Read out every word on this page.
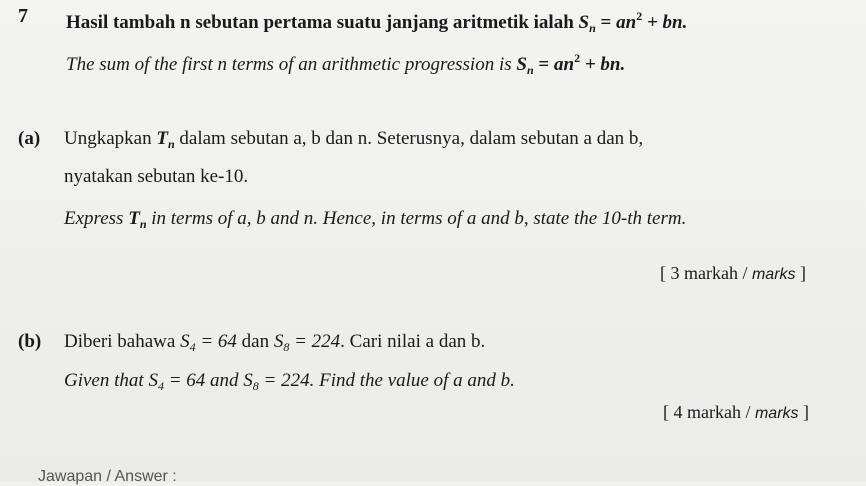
7 Hasil tambah n sebutan pertama suatu janjang aritmetik ialah $S_n = an^2$ + bn.
The sum of the first n terms of an arithmetic progression is $S_n = an^2$ + bn.
(a) Ungkapkan $T_n$ dalam sebutan a, b dan n. Seterusnya, dalam sebutan a dan b,
nyatakan sebutan ke-10.
Express $T_n$ in terms of a, b and n. Hence, in terms of a and b, state the 10-th term.
[ 3 markah / marks ]
(b) Diberi bahawa $S_4 = 64$ dan $S_8 = 224$. Cari nilai a dan b.
Given that $S_4 = 64$ and $S_8 = 224$. Find the value of a and b.
[ 4 markah / marks ]
Jawapan / Answer :
